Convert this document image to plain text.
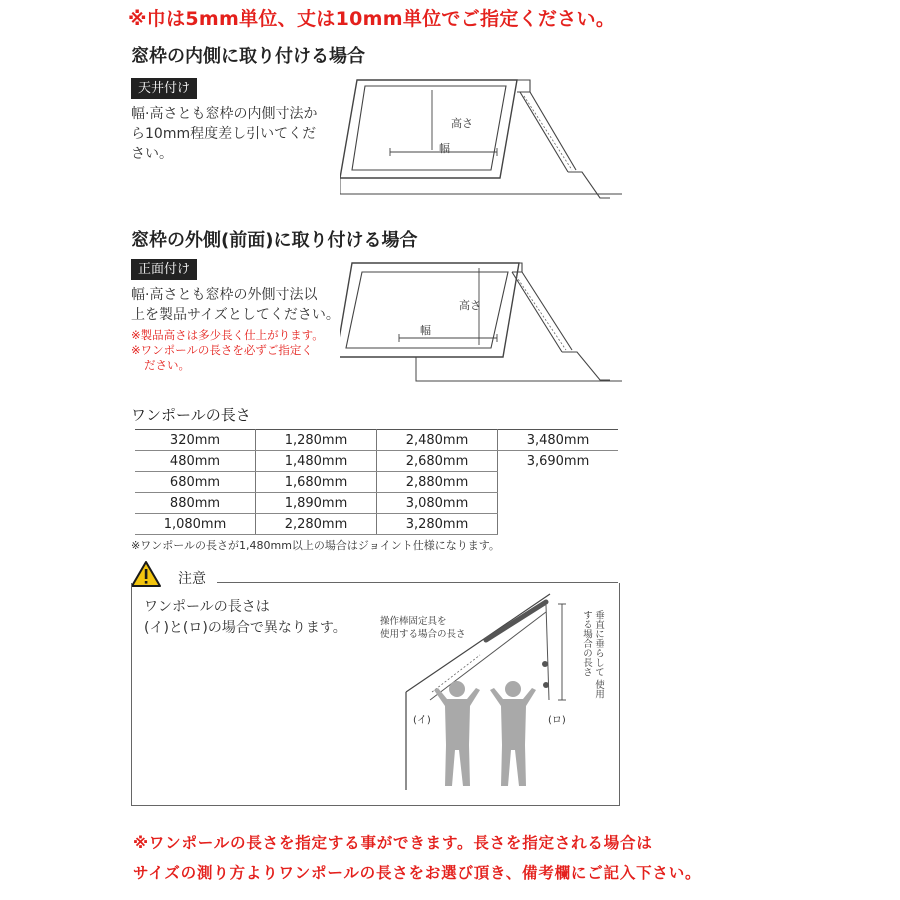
※巾は5mm単位、丈は10mm単位でご指定ください。
窓枠の内側に取り付ける場合
天井付け
幅·高さとも窓枠の内側寸法か
ら10mm程度差し引いてくだ
さい。
高さ
幅
窓枠の外側(前面)に取り付ける場合
正面付け
幅·高さとも窓枠の外側寸法以
上を製品サイズとしてください。
※製品高さは多少長く仕上がります。
※ワンポールの長さを必ずご指定く
ださい。
高さ
幅
ワンポールの長さ
320mm	1,280mm	2,480mm	3,480mm
480mm	1,480mm	2,680mm	3,690mm
680mm	1,680mm	2,880mm	
880mm	1,890mm	3,080mm	
1,080mm	2,280mm	3,280mm	
※ワンポールの長さが1,480mm以上の場合はジョイント仕様になります。
注意
ワンポールの長さは
(イ)と(ロ)の場合で異なります。	操作棒固定具を
使用する場合の長さ	垂直に垂らして 使用する場合の長さ
(イ)	(ロ)
※ワンポールの長さを指定する事ができます。長さを指定される場合は
サイズの測り方よりワンポールの長さをお選び頂き、備考欄にご記入下さい。
